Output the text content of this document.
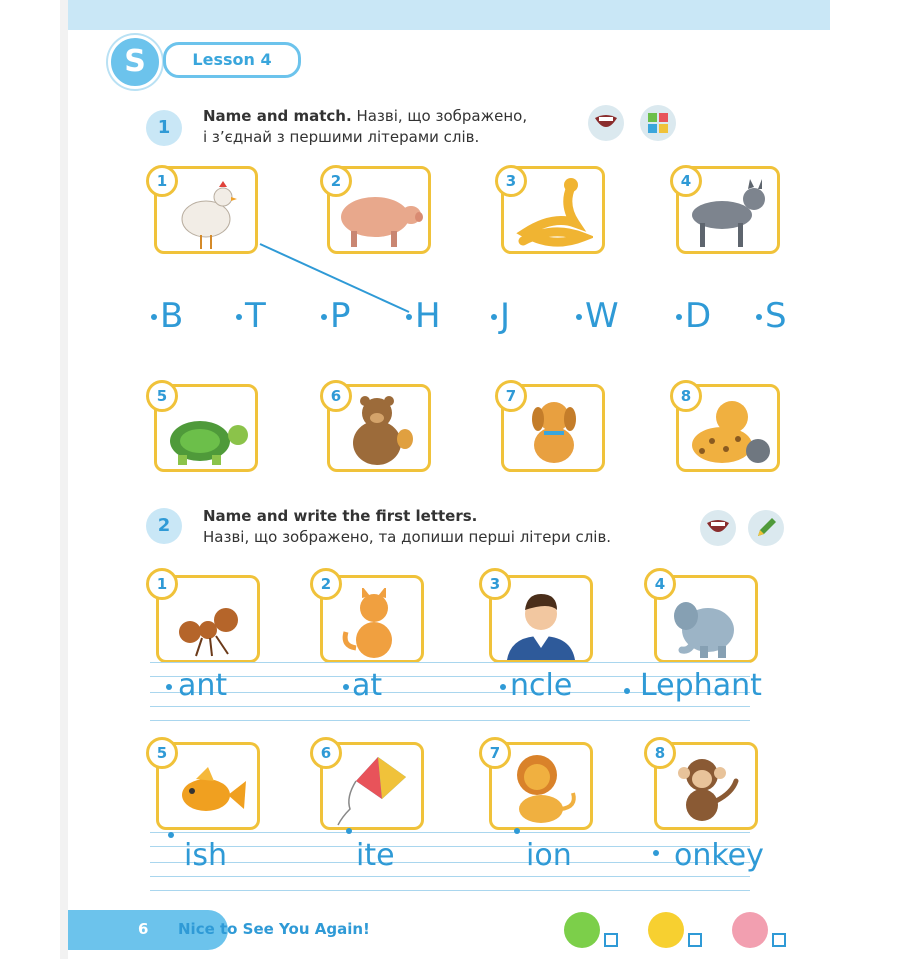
S	Lesson 4
1
Name and match. Назві, що зображено,
і з’єднай з першими літерами слів.
1	2	3	4
B T P H J W D S
5	6	7	8
2	Name and write the first letters.
Назві, що зображено, та допиши перші літери слів.
1	2	3	4
ant	at	ncle Lephant
5	6	7	8
ish	ite	ion	onkey
6 Nice to See You Again!
